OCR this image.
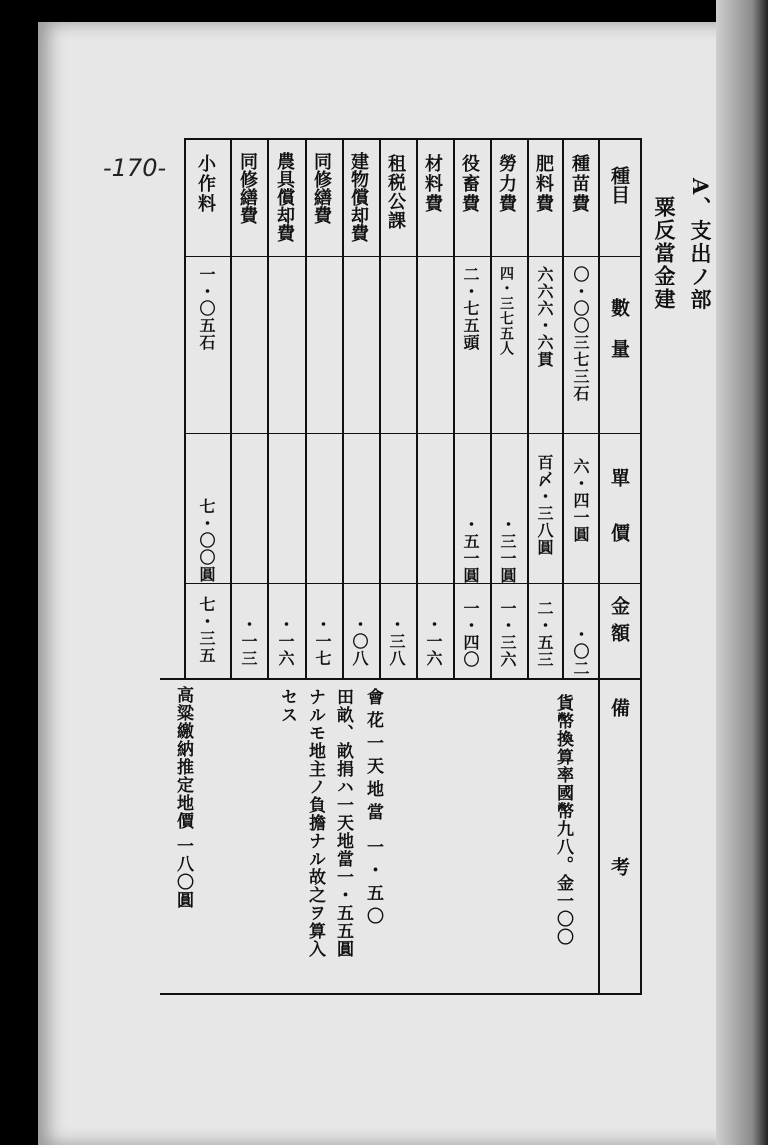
-170-
A、支出ノ部
粟反當金建
種目
數量
單價
金額
備考
種苗費
〇・〇〇三七三石
六・四一圓
・〇二
肥料費
六六六・六貫
百〆・三八圓
二・五三
勞力費
四・三七五人
・三一圓
一・三六
役畜費
二・七五頭
・五一圓
一・四〇
材料費
・一六
租税公課
・三八
建物償却費
・〇八
同修繕費
・一七
農具償却費
・一六
同修繕費
・一三
小作料
一・〇五石
七・〇〇圓
七・三五
貨幣換算率國幣九八。金一〇〇
會花一天地當 一・五〇
田畝、畝捐ハ一天地當一・五五圓
ナルモ地主ノ負擔ナル故之ヲ算入
セス
高粱繳納推定地價 一八〇圓
